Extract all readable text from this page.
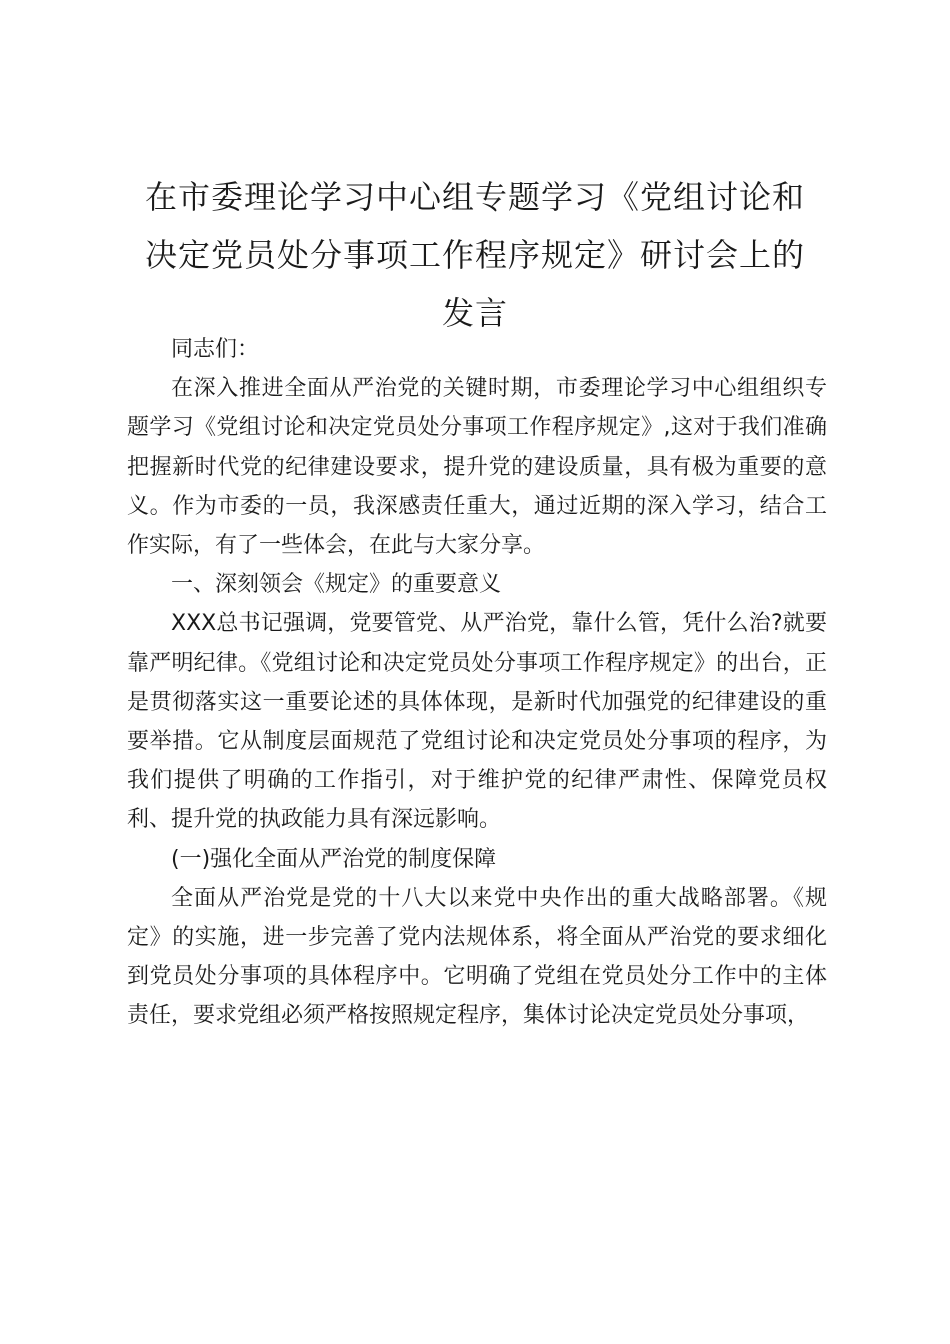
在市委理论学习中心组专题学习《党组讨论和
决定党员处分事项工作程序规定》研讨会上的
发言

同志们：

在深入推进全面从严治党的关键时期，市委理论学习中心组组织专题学习《党组讨论和决定党员处分事项工作程序规定》,这对于我们准确把握新时代党的纪律建设要求，提升党的建设质量，具有极为重要的意义。作为市委的一员，我深感责任重大，通过近期的深入学习，结合工作实际，有了一些体会，在此与大家分享。

一、深刻领会《规定》的重要意义

XXX总书记强调，党要管党、从严治党，靠什么管，凭什么治?就要靠严明纪律。《党组讨论和决定党员处分事项工作程序规定》的出台，正是贯彻落实这一重要论述的具体体现，是新时代加强党的纪律建设的重要举措。它从制度层面规范了党组讨论和决定党员处分事项的程序，为我们提供了明确的工作指引，对于维护党的纪律严肃性、保障党员权利、提升党的执政能力具有深远影响。

(一)强化全面从严治党的制度保障

全面从严治党是党的十八大以来党中央作出的重大战略部署。《规定》的实施，进一步完善了党内法规体系，将全面从严治党的要求细化到党员处分事项的具体程序中。它明确了党组在党员处分工作中的主体责任，要求党组必须严格按照规定程序，集体讨论决定党员处分事项，
